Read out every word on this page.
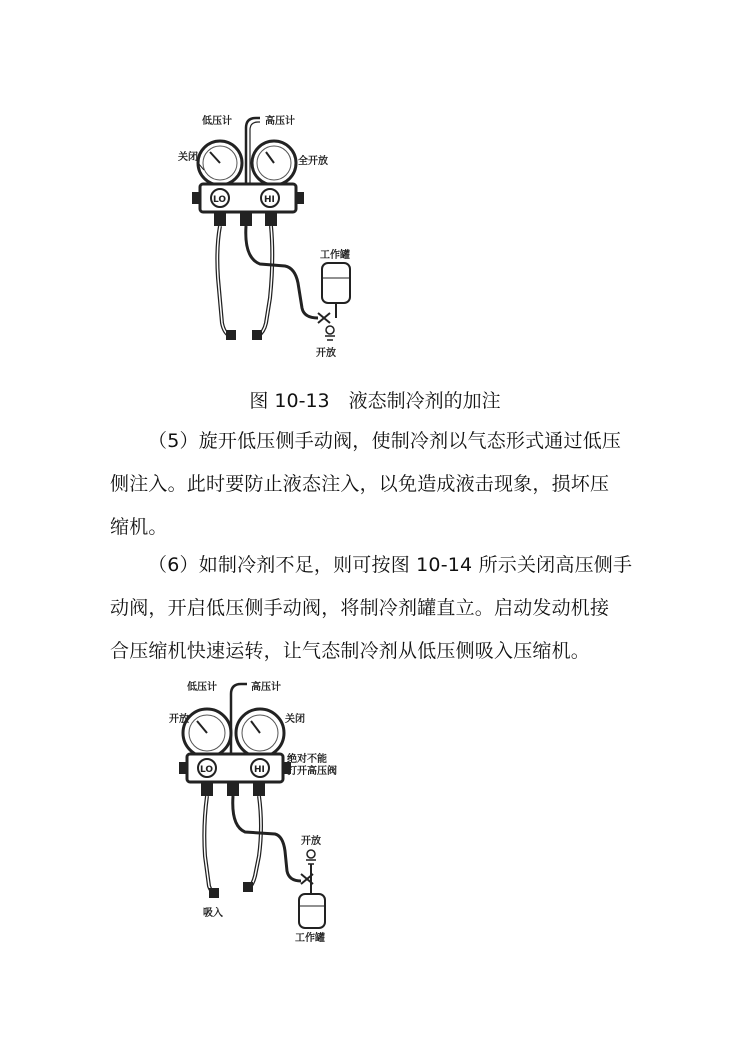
低压计	高压计
关闭	全开放
LO	HI
工作罐
开放
图 10-13　液态制冷剂的加注
（5）旋开低压侧手动阀，使制冷剂以气态形式通过低压
侧注入。此时要防止液态注入，以免造成液击现象，损坏压
缩机。
（6）如制冷剂不足，则可按图 10-14 所示关闭高压侧手
动阀，开启低压侧手动阀，将制冷剂罐直立。启动发动机接
合压缩机快速运转，让气态制冷剂从低压侧吸入压缩机。
低压计	高压计
开放	关闭
LO	HI
绝对不能
打开高压阀
吸入
开放
工作罐
